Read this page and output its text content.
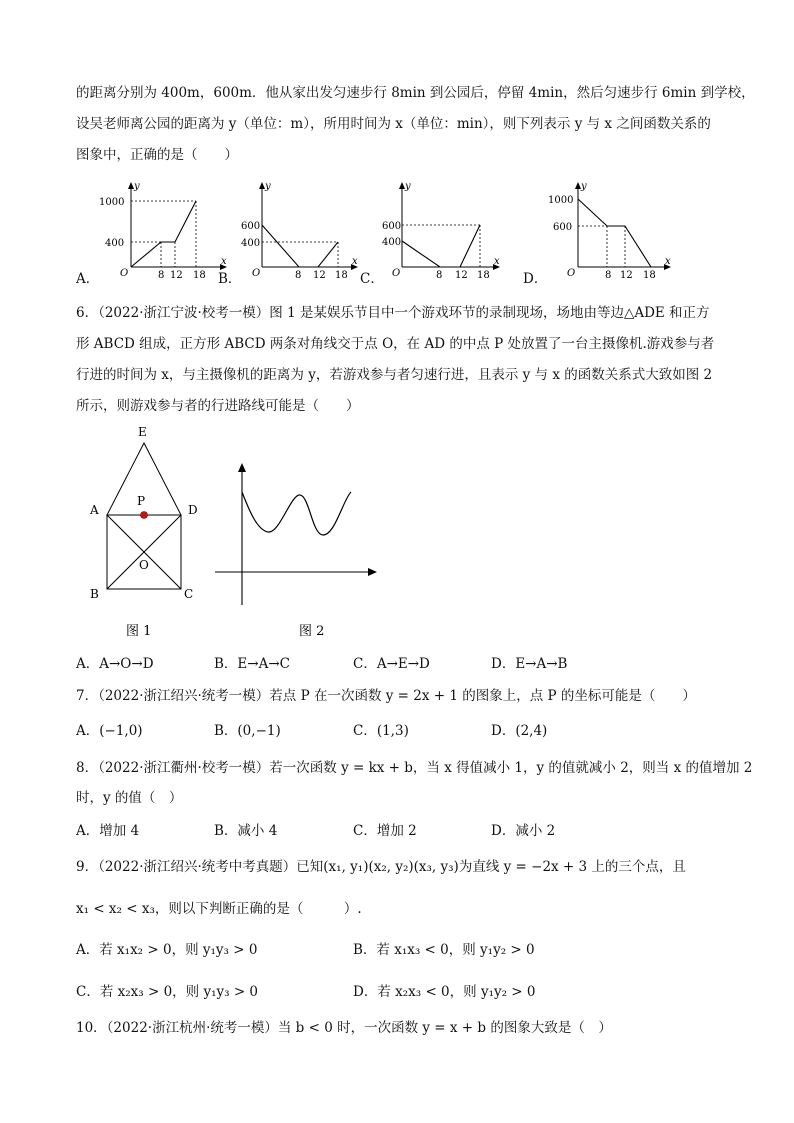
的距离分别为 400m，600m．他从家出发匀速步行 8min 到公园后，停留 4min，然后匀速步行 6min 到学校，
设吴老师离公园的距离为 y（单位：m），所用时间为 x（单位：min），则下列表示 y 与 x 之间函数关系的
图象中，正确的是（　　）
A．
y
x
O
1000
400
8 12 18 B．
y
x
O
600
400
8 12 18 C．
y
x
O
600
400
8 12 18 D．
y
x
O
1000
600
8 12 18
6．（2022·浙江宁波·校考一模）图 1 是某娱乐节目中一个游戏环节的录制现场，场地由等边△ADE 和正方
形 ABCD 组成，正方形 ABCD 两条对角线交于点 O，在 AD 的中点 P 处放置了一台主摄像机.游戏参与者
行进的时间为 x，与主摄像机的距离为 y，若游戏参与者匀速行进，且表示 y 与 x 的函数关系式大致如图 2
所示，则游戏参与者的行进路线可能是（　　）
E
A	D
P
O
B	C
图 1	图 2
A．A→O→D	B．E→A→C	C．A→E→D	D．E→A→B
7．（2022·浙江绍兴·统考一模）若点 P 在一次函数 y = 2x + 1 的图象上，点 P 的坐标可能是（　　）
A．(−1,0)	B．(0,−1)	C．(1,3)	D．(2,4)
8．（2022·浙江衢州·校考一模）若一次函数 y = kx + b，当 x 得值减小 1，y 的值就减小 2，则当 x 的值增加 2
时，y 的值（　）
A．增加 4	B．减小 4	C．增加 2	D．减小 2
9．（2022·浙江绍兴·统考中考真题）已知(x₁, y₁)(x₂, y₂)(x₃, y₃)为直线 y = −2x + 3 上的三个点，且
x₁ < x₂ < x₃，则以下判断正确的是（　　　）.
A．若 x₁x₂ > 0，则 y₁y₃ > 0	B．若 x₁x₃ < 0，则 y₁y₂ > 0
C．若 x₂x₃ > 0，则 y₁y₃ > 0	D．若 x₂x₃ < 0，则 y₁y₂ > 0
10．（2022·浙江杭州·统考一模）当 b < 0 时，一次函数 y = x + b 的图象大致是（　）
